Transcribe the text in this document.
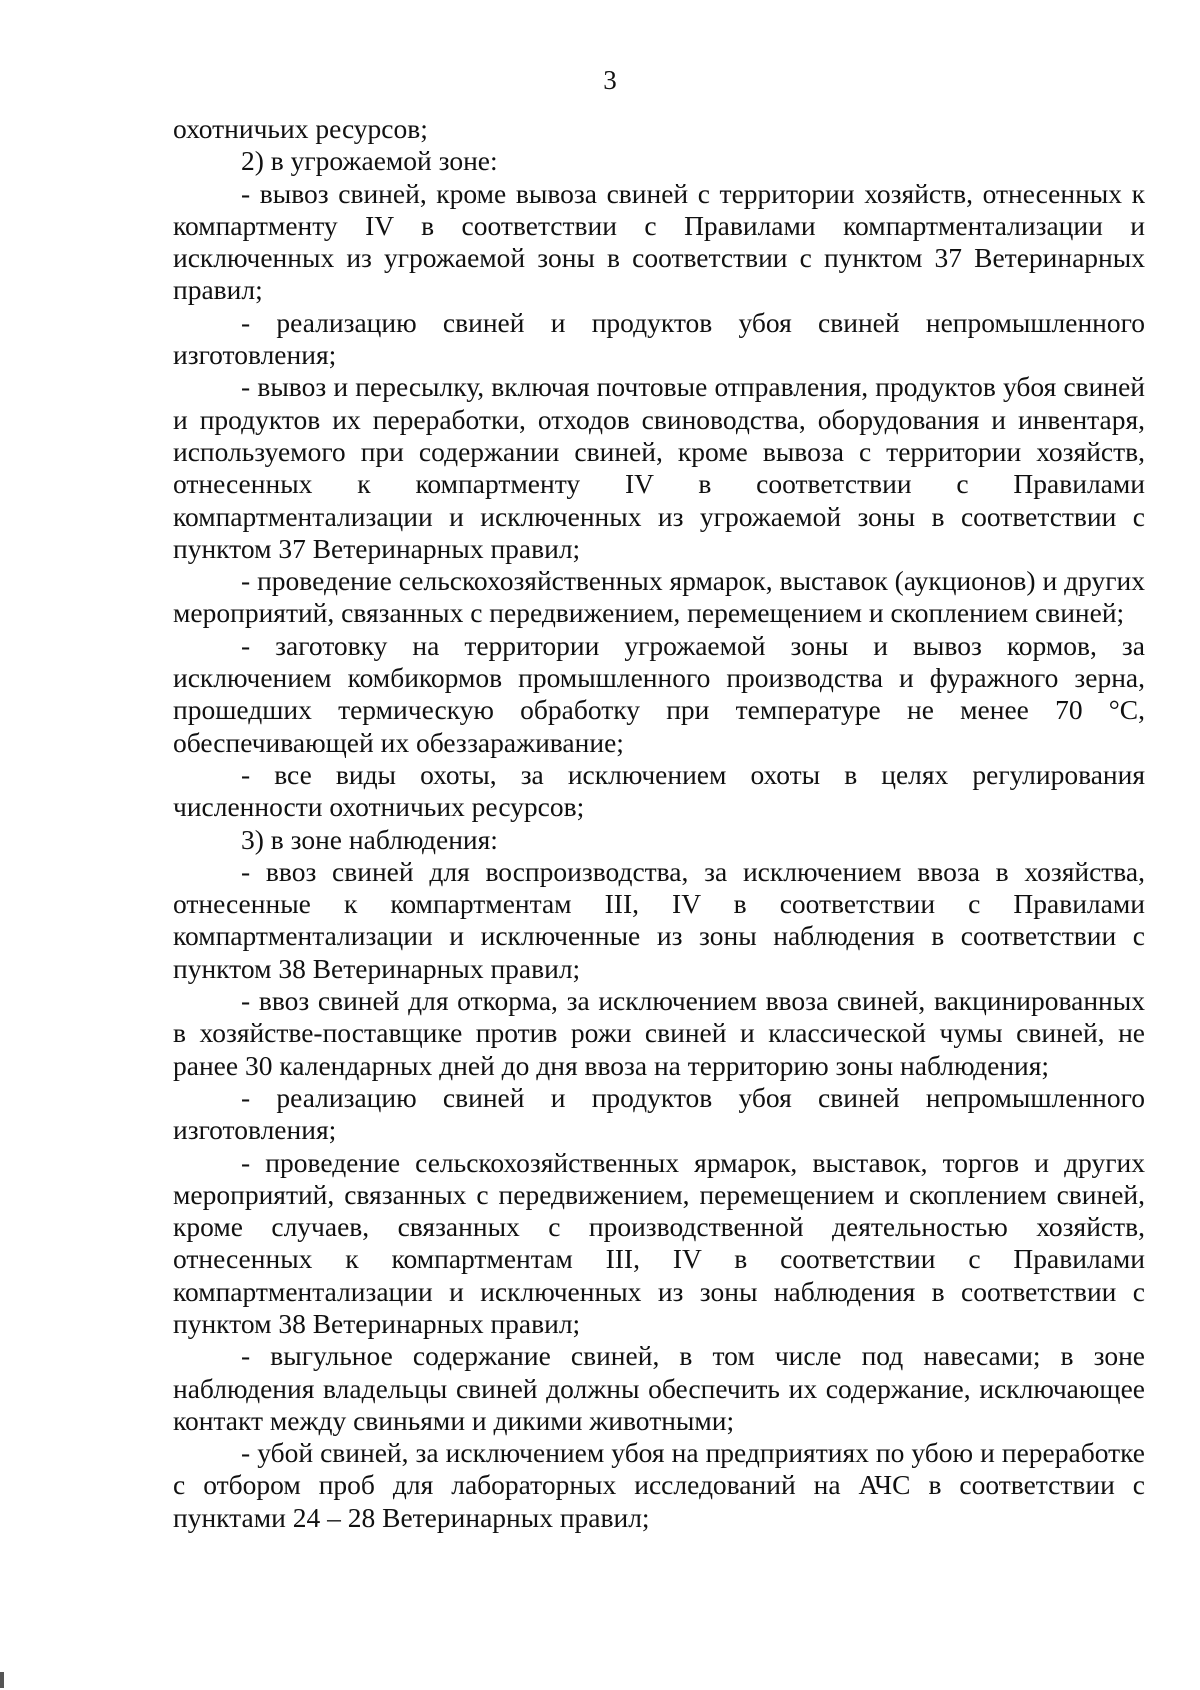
3

охотничьих ресурсов;

2) в угрожаемой зоне:

- вывоз свиней, кроме вывоза свиней с территории хозяйств, отнесенных к компартменту IV в соответствии с Правилами компартментализации и исключенных из угрожаемой зоны в соответствии с пунктом 37 Ветеринарных правил;

- реализацию свиней и продуктов убоя свиней непромышленного изготовления;

- вывоз и пересылку, включая почтовые отправления, продуктов убоя свиней и продуктов их переработки, отходов свиноводства, оборудования и инвентаря, используемого при содержании свиней, кроме вывоза с территории хозяйств, отнесенных к компартменту IV в соответствии с Правилами компартментализации и исключенных из угрожаемой зоны в соответствии с пунктом 37 Ветеринарных правил;

- проведение сельскохозяйственных ярмарок, выставок (аукционов) и других мероприятий, связанных с передвижением, перемещением и скоплением свиней;

- заготовку на территории угрожаемой зоны и вывоз кормов, за исключением комбикормов промышленного производства и фуражного зерна, прошедших термическую обработку при температуре не менее 70 °C, обеспечивающей их обеззараживание;

- все виды охоты, за исключением охоты в целях регулирования численности охотничьих ресурсов;

3) в зоне наблюдения:

- ввоз свиней для воспроизводства, за исключением ввоза в хозяйства, отнесенные к компартментам III, IV в соответствии с Правилами компартментализации и исключенные из зоны наблюдения в соответствии с пунктом 38 Ветеринарных правил;

- ввоз свиней для откорма, за исключением ввоза свиней, вакцинированных в хозяйстве-поставщике против рожи свиней и классической чумы свиней, не ранее 30 календарных дней до дня ввоза на территорию зоны наблюдения;

- реализацию свиней и продуктов убоя свиней непромышленного изготовления;

- проведение сельскохозяйственных ярмарок, выставок, торгов и других мероприятий, связанных с передвижением, перемещением и скоплением свиней, кроме случаев, связанных с производственной деятельностью хозяйств, отнесенных к компартментам III, IV в соответствии с Правилами компартментализации и исключенных из зоны наблюдения в соответствии с пунктом 38 Ветеринарных правил;

- выгульное содержание свиней, в том числе под навесами; в зоне наблюдения владельцы свиней должны обеспечить их содержание, исключающее контакт между свиньями и дикими животными;

- убой свиней, за исключением убоя на предприятиях по убою и переработке с отбором проб для лабораторных исследований на АЧС в соответствии с пунктами 24 – 28 Ветеринарных правил;
